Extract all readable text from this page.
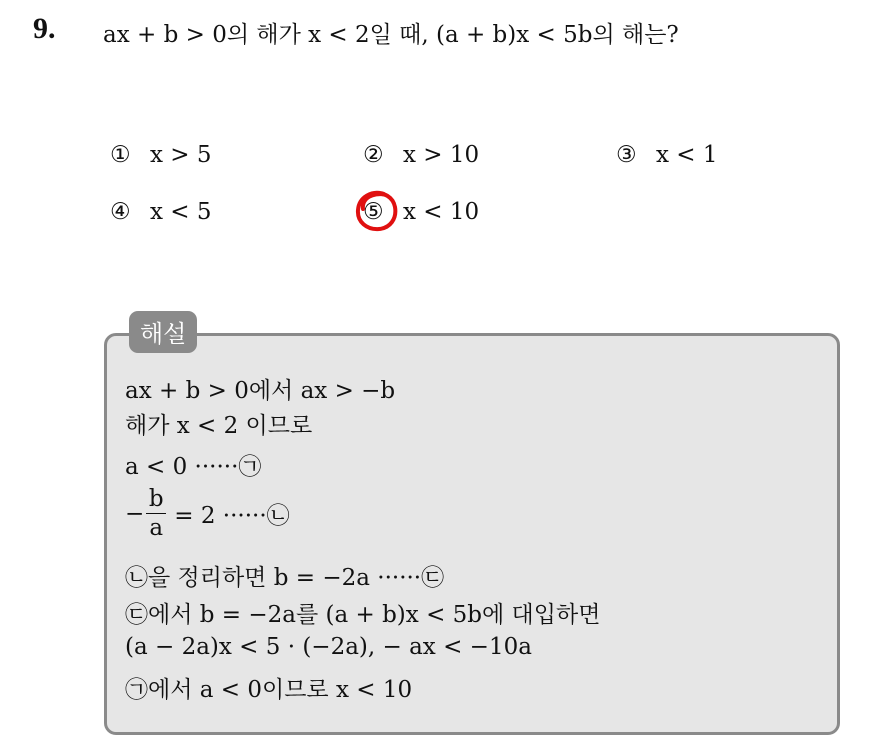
9. ax + b > 0의 해가 x < 2일 때, (a + b)x < 5b의 해는?
① x > 5	② x > 10	③ x < 1
④ x < 5	⑤ x < 10
해설
ax + b > 0에서 ax > −b
해가 x < 2 이므로
a < 0 ······㉠
− $\frac{b}{a} = 2$ ······㉡
㉡을 정리하면 b = −2a ······㉢
㉢에서 b = −2a를 (a + b)x < 5b에 대입하면
(a − 2a)x < 5 · (−2a), − ax < −10a
㉠에서 a < 0이므로 x < 10
